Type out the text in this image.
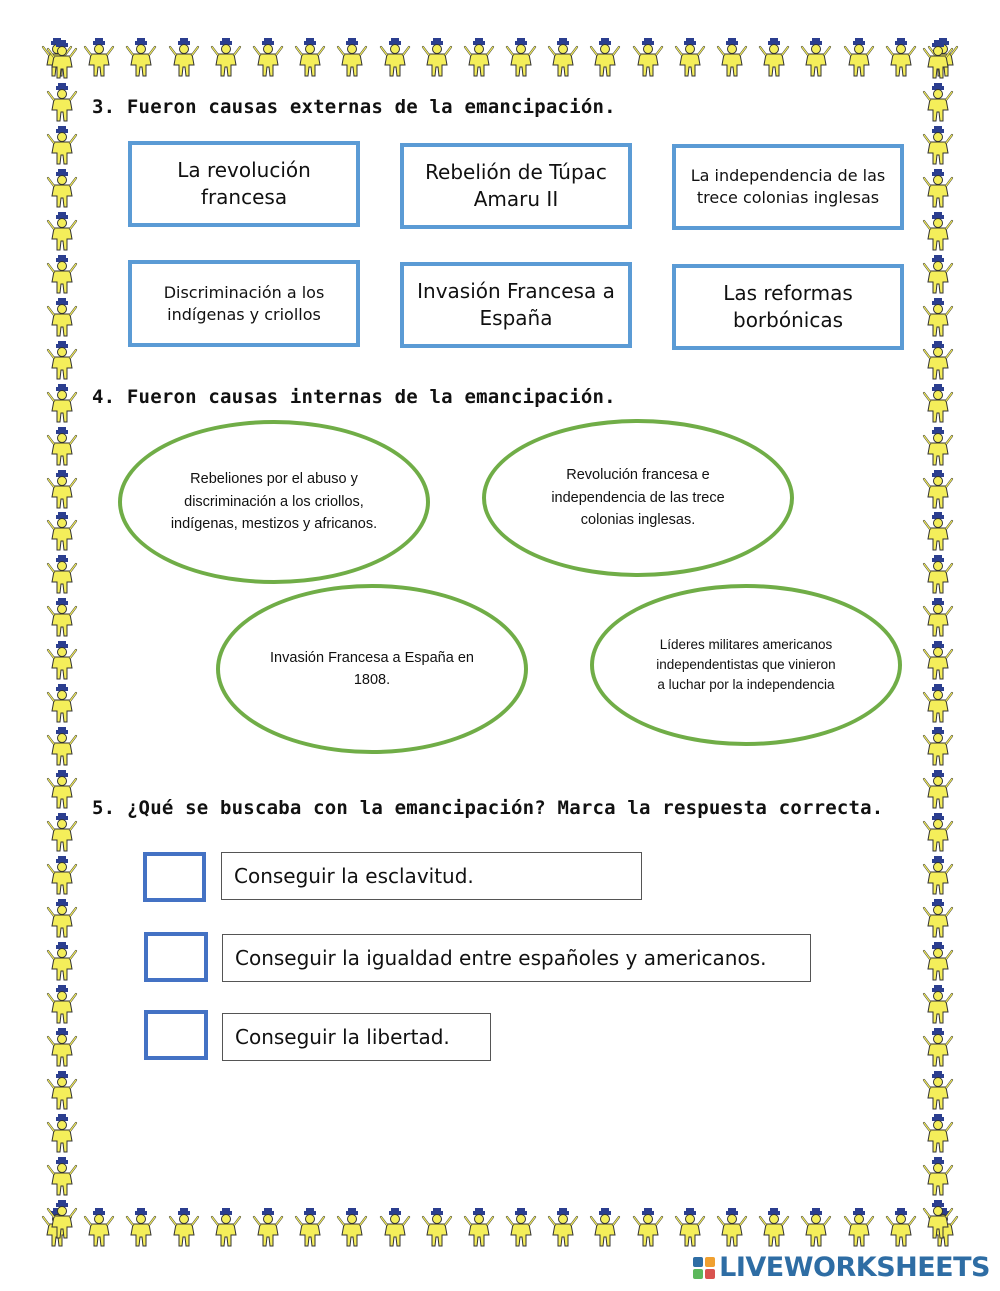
3. Fueron causas externas de la emancipación.
La revolución francesa
Rebelión de Túpac Amaru II
La independencia de las trece colonias inglesas
Discriminación a los indígenas y criollos
Invasión Francesa a España
Las reformas borbónicas
4. Fueron causas internas de la emancipación.
Rebeliones por el abuso y discriminación a los criollos, indígenas, mestizos y africanos.
Revolución francesa e independencia de las trece colonias inglesas.
Invasión Francesa a España en 1808.
Líderes militares americanos independentistas que vinieron a luchar por la independencia
5. ¿Qué se buscaba con la emancipación? Marca la respuesta correcta.
Conseguir la esclavitud.
Conseguir la igualdad entre españoles y americanos.
Conseguir la libertad.
LIVEWORKSHEETS
